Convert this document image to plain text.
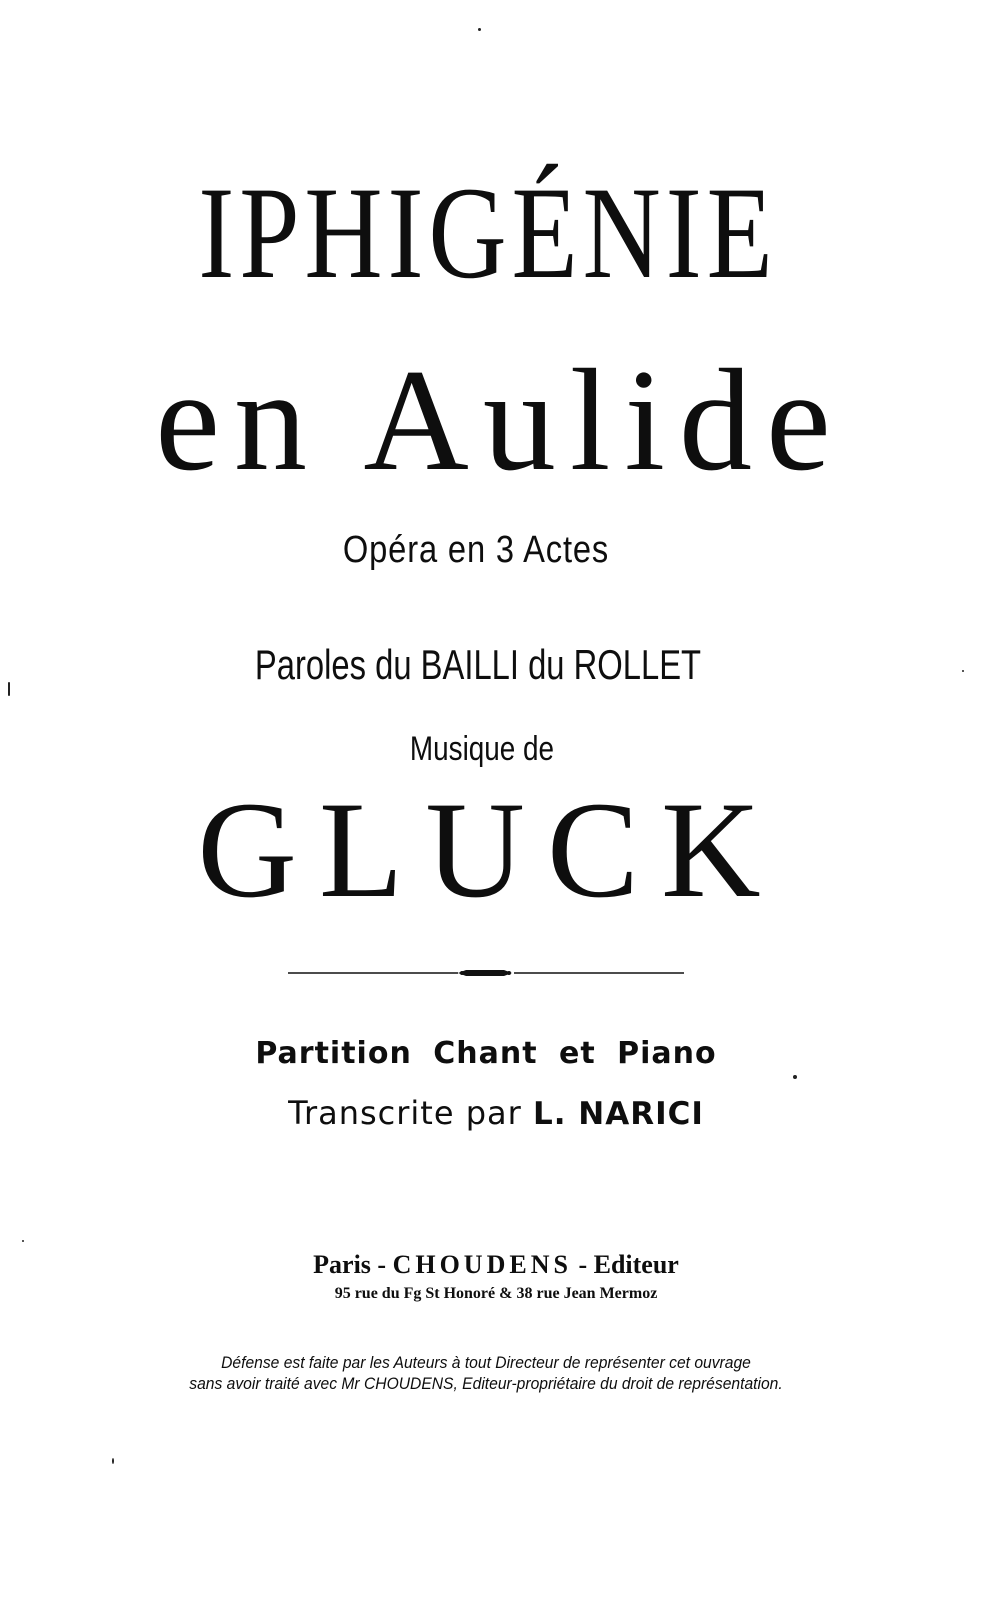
IPHIGÉNIE
en Aulide
Opéra en 3 Actes
Paroles du BAILLI du ROLLET
Musique de
GLUCK
Partition Chant et Piano
Transcrite par L. NARICI
Paris - CHOUDENS - Editeur
95 rue du Fg St Honoré & 38 rue Jean Mermoz
Défense est faite par les Auteurs à tout Directeur de représenter cet ouvrage
sans avoir traité avec Mr CHOUDENS, Editeur-propriétaire du droit de représentation.
